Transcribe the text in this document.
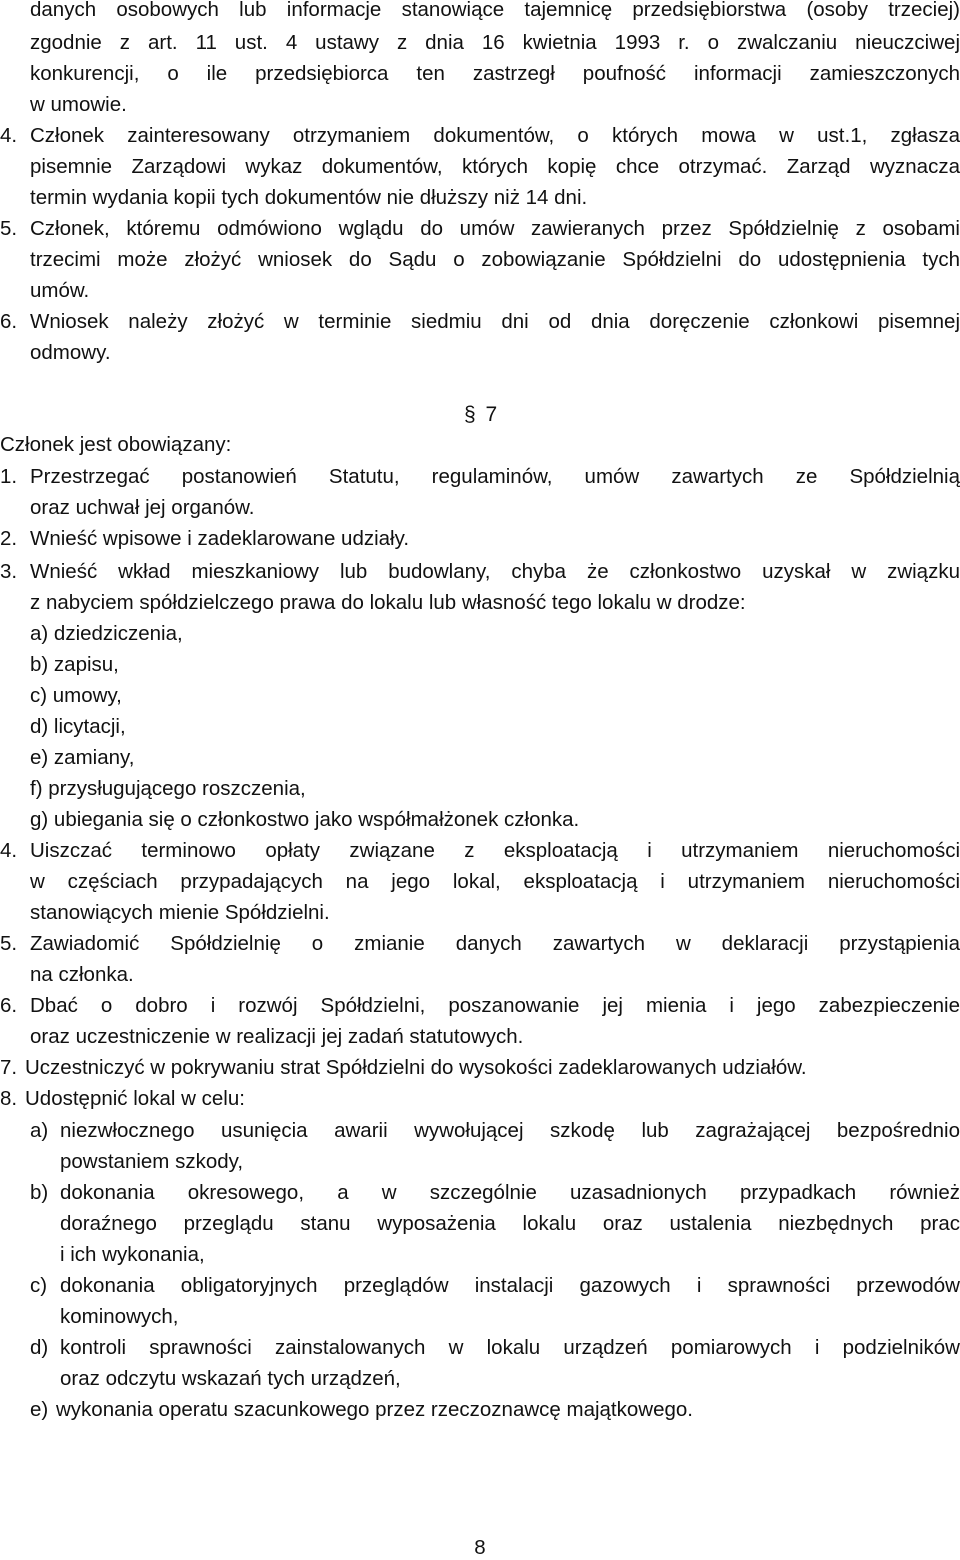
danych osobowych lub informacje stanowiące tajemnicę przedsiębiorstwa (osoby trzeciej)
zgodnie z art. 11 ust. 4 ustawy z dnia 16 kwietnia 1993 r. o zwalczaniu nieuczciwej
konkurencji, o ile przedsiębiorca ten zastrzegł poufność informacji zamieszczonych
w umowie.
4. Członek zainteresowany otrzymaniem dokumentów, o których mowa w ust.1, zgłasza
pisemnie Zarządowi wykaz dokumentów, których kopię chce otrzymać. Zarząd wyznacza
termin wydania kopii tych dokumentów nie dłuższy niż 14 dni.
5. Członek, któremu odmówiono wglądu do umów zawieranych przez Spółdzielnię z osobami
trzecimi może złożyć wniosek do Sądu o zobowiązanie Spółdzielni do udostępnienia tych
umów.
6. Wniosek należy złożyć w terminie siedmiu dni od dnia doręczenie członkowi pisemnej
odmowy.
§ 7
Członek jest obowiązany:
1. Przestrzegać postanowień Statutu, regulaminów, umów zawartych ze Spółdzielnią
oraz uchwał jej organów.
2. Wnieść wpisowe i zadeklarowane udziały.
3. Wnieść wkład mieszkaniowy lub budowlany, chyba że członkostwo uzyskał w związku
z nabyciem spółdzielczego prawa do lokalu lub własność tego lokalu w drodze:
a) dziedziczenia,
b) zapisu,
c) umowy,
d) licytacji,
e) zamiany,
f) przysługującego roszczenia,
g) ubiegania się o członkostwo jako współmałżonek członka.
4. Uiszczać terminowo opłaty związane z eksploatacją i utrzymaniem nieruchomości
w częściach przypadających na jego lokal, eksploatacją i utrzymaniem nieruchomości
stanowiących mienie Spółdzielni.
5. Zawiadomić Spółdzielnię o zmianie danych zawartych w deklaracji przystąpienia
na członka.
6. Dbać o dobro i rozwój Spółdzielni, poszanowanie jej mienia i jego zabezpieczenie
oraz uczestniczenie w realizacji jej zadań statutowych.
7. Uczestniczyć w pokrywaniu strat Spółdzielni do wysokości zadeklarowanych udziałów.
8. Udostępnić lokal w celu:
a) niezwłocznego usunięcia awarii wywołującej szkodę lub zagrażającej bezpośrednio
powstaniem szkody,
b) dokonania okresowego, a w szczególnie uzasadnionych przypadkach również
doraźnego przeglądu stanu wyposażenia lokalu oraz ustalenia niezbędnych prac
i ich wykonania,
c) dokonania obligatoryjnych przeglądów instalacji gazowych i sprawności przewodów
kominowych,
d) kontroli sprawności zainstalowanych w lokalu urządzeń pomiarowych i podzielników
oraz odczytu wskazań tych urządzeń,
e) wykonania operatu szacunkowego przez rzeczoznawcę majątkowego.
8
